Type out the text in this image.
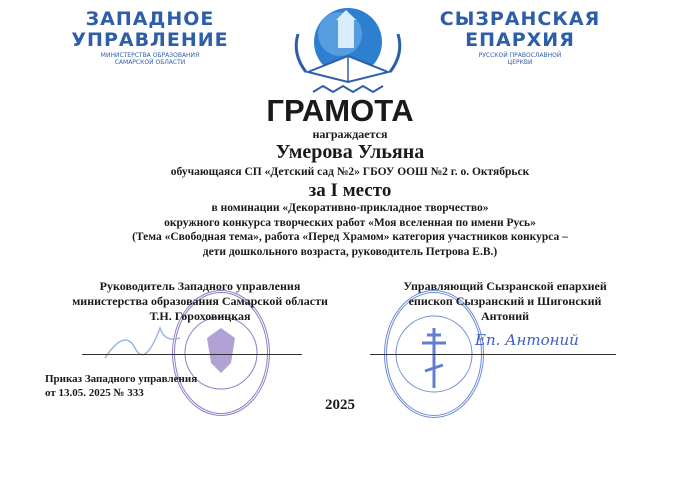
ЗАПАДНОЕ
УПРАВЛЕНИЕ
МИНИСТЕРСТВА ОБРАЗОВАНИЯ
САМАРСКОЙ ОБЛАСТИ
СЫЗРАНСКАЯ
ЕПАРХИЯ
РУССКОЙ ПРАВОСЛАВНОЙ
ЦЕРКВИ
ГРАМОТА
награждается
Умерова Ульяна
обучающаяся СП «Детский сад №2» ГБОУ ООШ №2 г. о. Октябрьск
за I место
в номинации «Декоративно-прикладное творчество»
окружного конкурса творческих работ «Моя вселенная по имени Русь»
(Тема «Свободная тема», работа «Перед Храмом» категория участников конкурса –
дети дошкольного возраста, руководитель Петрова Е.В.)
Еп. Антоний
Руководитель Западного управления
министерства образования Самарской области
Т.Н. Гороховицкая
Управляющий Сызранской епархией
епископ Сызранский и Шигонский
Антоний
Приказ Западного управления
от 13.05. 2025 № 333
2025
